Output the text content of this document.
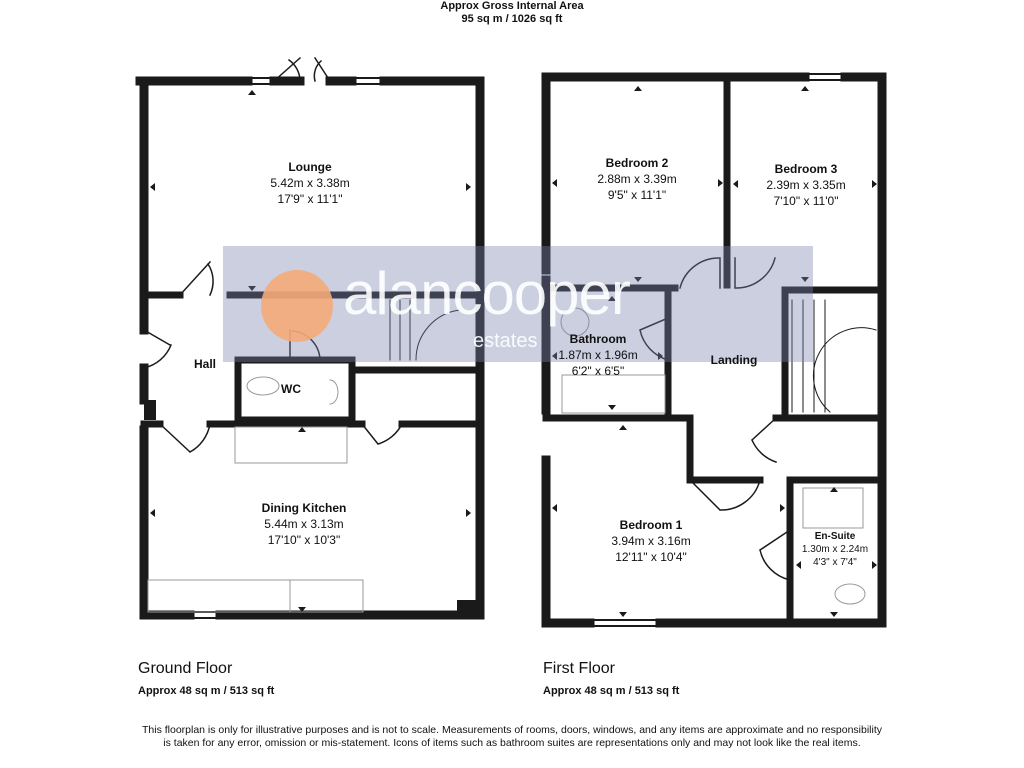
Approx Gross Internal Area
95 sq m / 1026 sq ft
alancooper
estates
Lounge
5.42m x 3.38m
17'9" x 11'1"
Hall
WC
Dining Kitchen
5.44m x 3.13m
17'10" x 10'3"
Bedroom 2
2.88m x 3.39m
9'5" x 11'1"
Bedroom 3
2.39m x 3.35m
7'10" x 11'0"
Bathroom
1.87m x 1.96m
6'2" x 6'5"
Landing
Bedroom 1
3.94m x 3.16m
12'11" x 10'4"
En-Suite
1.30m x 2.24m
4'3" x 7'4"
Ground Floor
Approx 48 sq m / 513 sq ft
First Floor
Approx 48 sq m / 513 sq ft
This floorplan is only for illustrative purposes and is not to scale. Measurements of rooms, doors, windows, and any items are approximate and no responsibility is taken for any error, omission or mis-statement. Icons of items such as bathroom suites are representations only and may not look like the real items.
